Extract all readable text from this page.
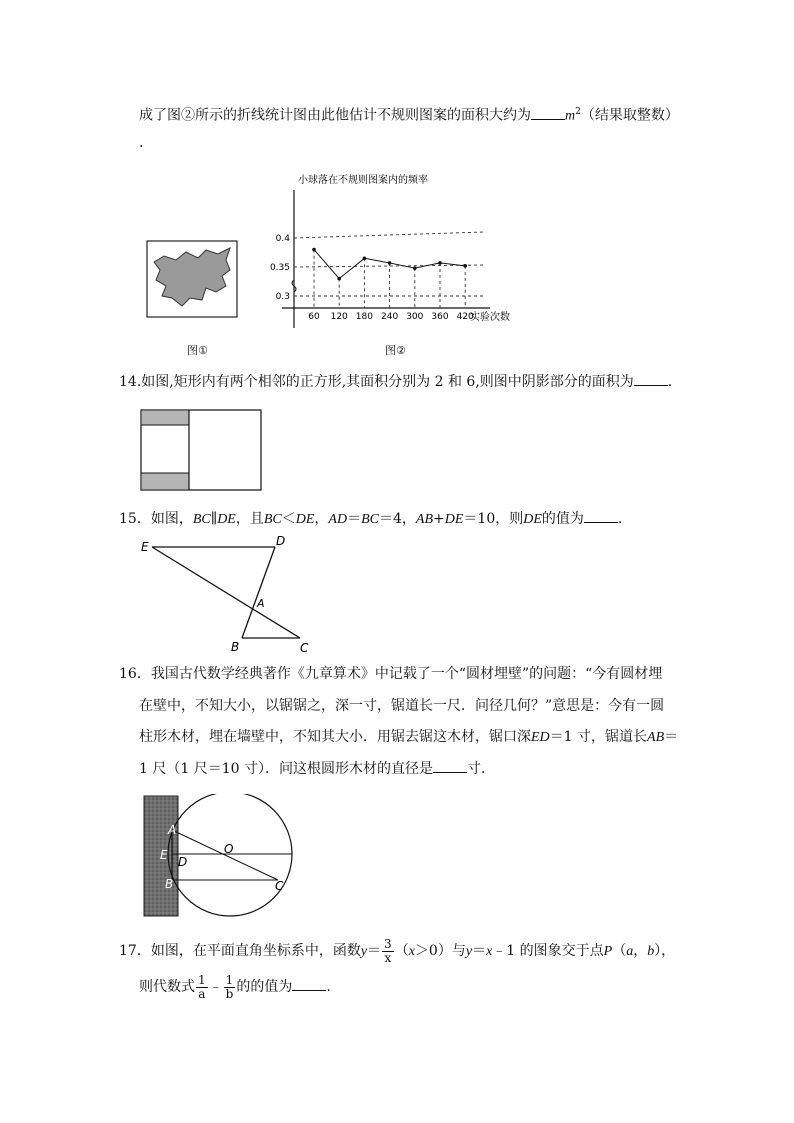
成了图②所示的折线统计图由此他估计不规则图案的面积大约为 $m^2$（结果取整数）
.
图①
小球落在不规则图案内的频率
0.3
0.35
0.4
60 120 180 240 300 360 420
实验次数
图②
14.如图,矩形内有两个相邻的正方形,其面积分别为 2 和 6,则图中阴影部分的面积为 .
15．如图，BC∥DE，且BC＜DE，AD＝BC＝4，AB+DE＝10，则DE的值为 .
E	D
A
B	C
16．我国古代数学经典著作《九章算术》中记载了一个“圆材埋壁”的问题：“今有圆材埋
在壁中，不知大小，以锯锯之，深一寸，锯道长一尺．问径几何？”意思是：今有一圆
柱形木材，埋在墙壁中，不知其大小．用锯去锯这木材，锯口深ED＝1 寸，锯道长AB＝
1 尺（1 尺＝10 寸）．问这根圆形木材的直径是 寸．
A
E D
O
B	C
17．如图，在平面直角坐标系中，函数$y= \frac{3}{x} (x>0)$与y＝x﹣1 的图象交于点P（a，b），
则代数式 $\frac{1}{a}$ ﹣ $\frac{1}{b}$ 的的值为 .
